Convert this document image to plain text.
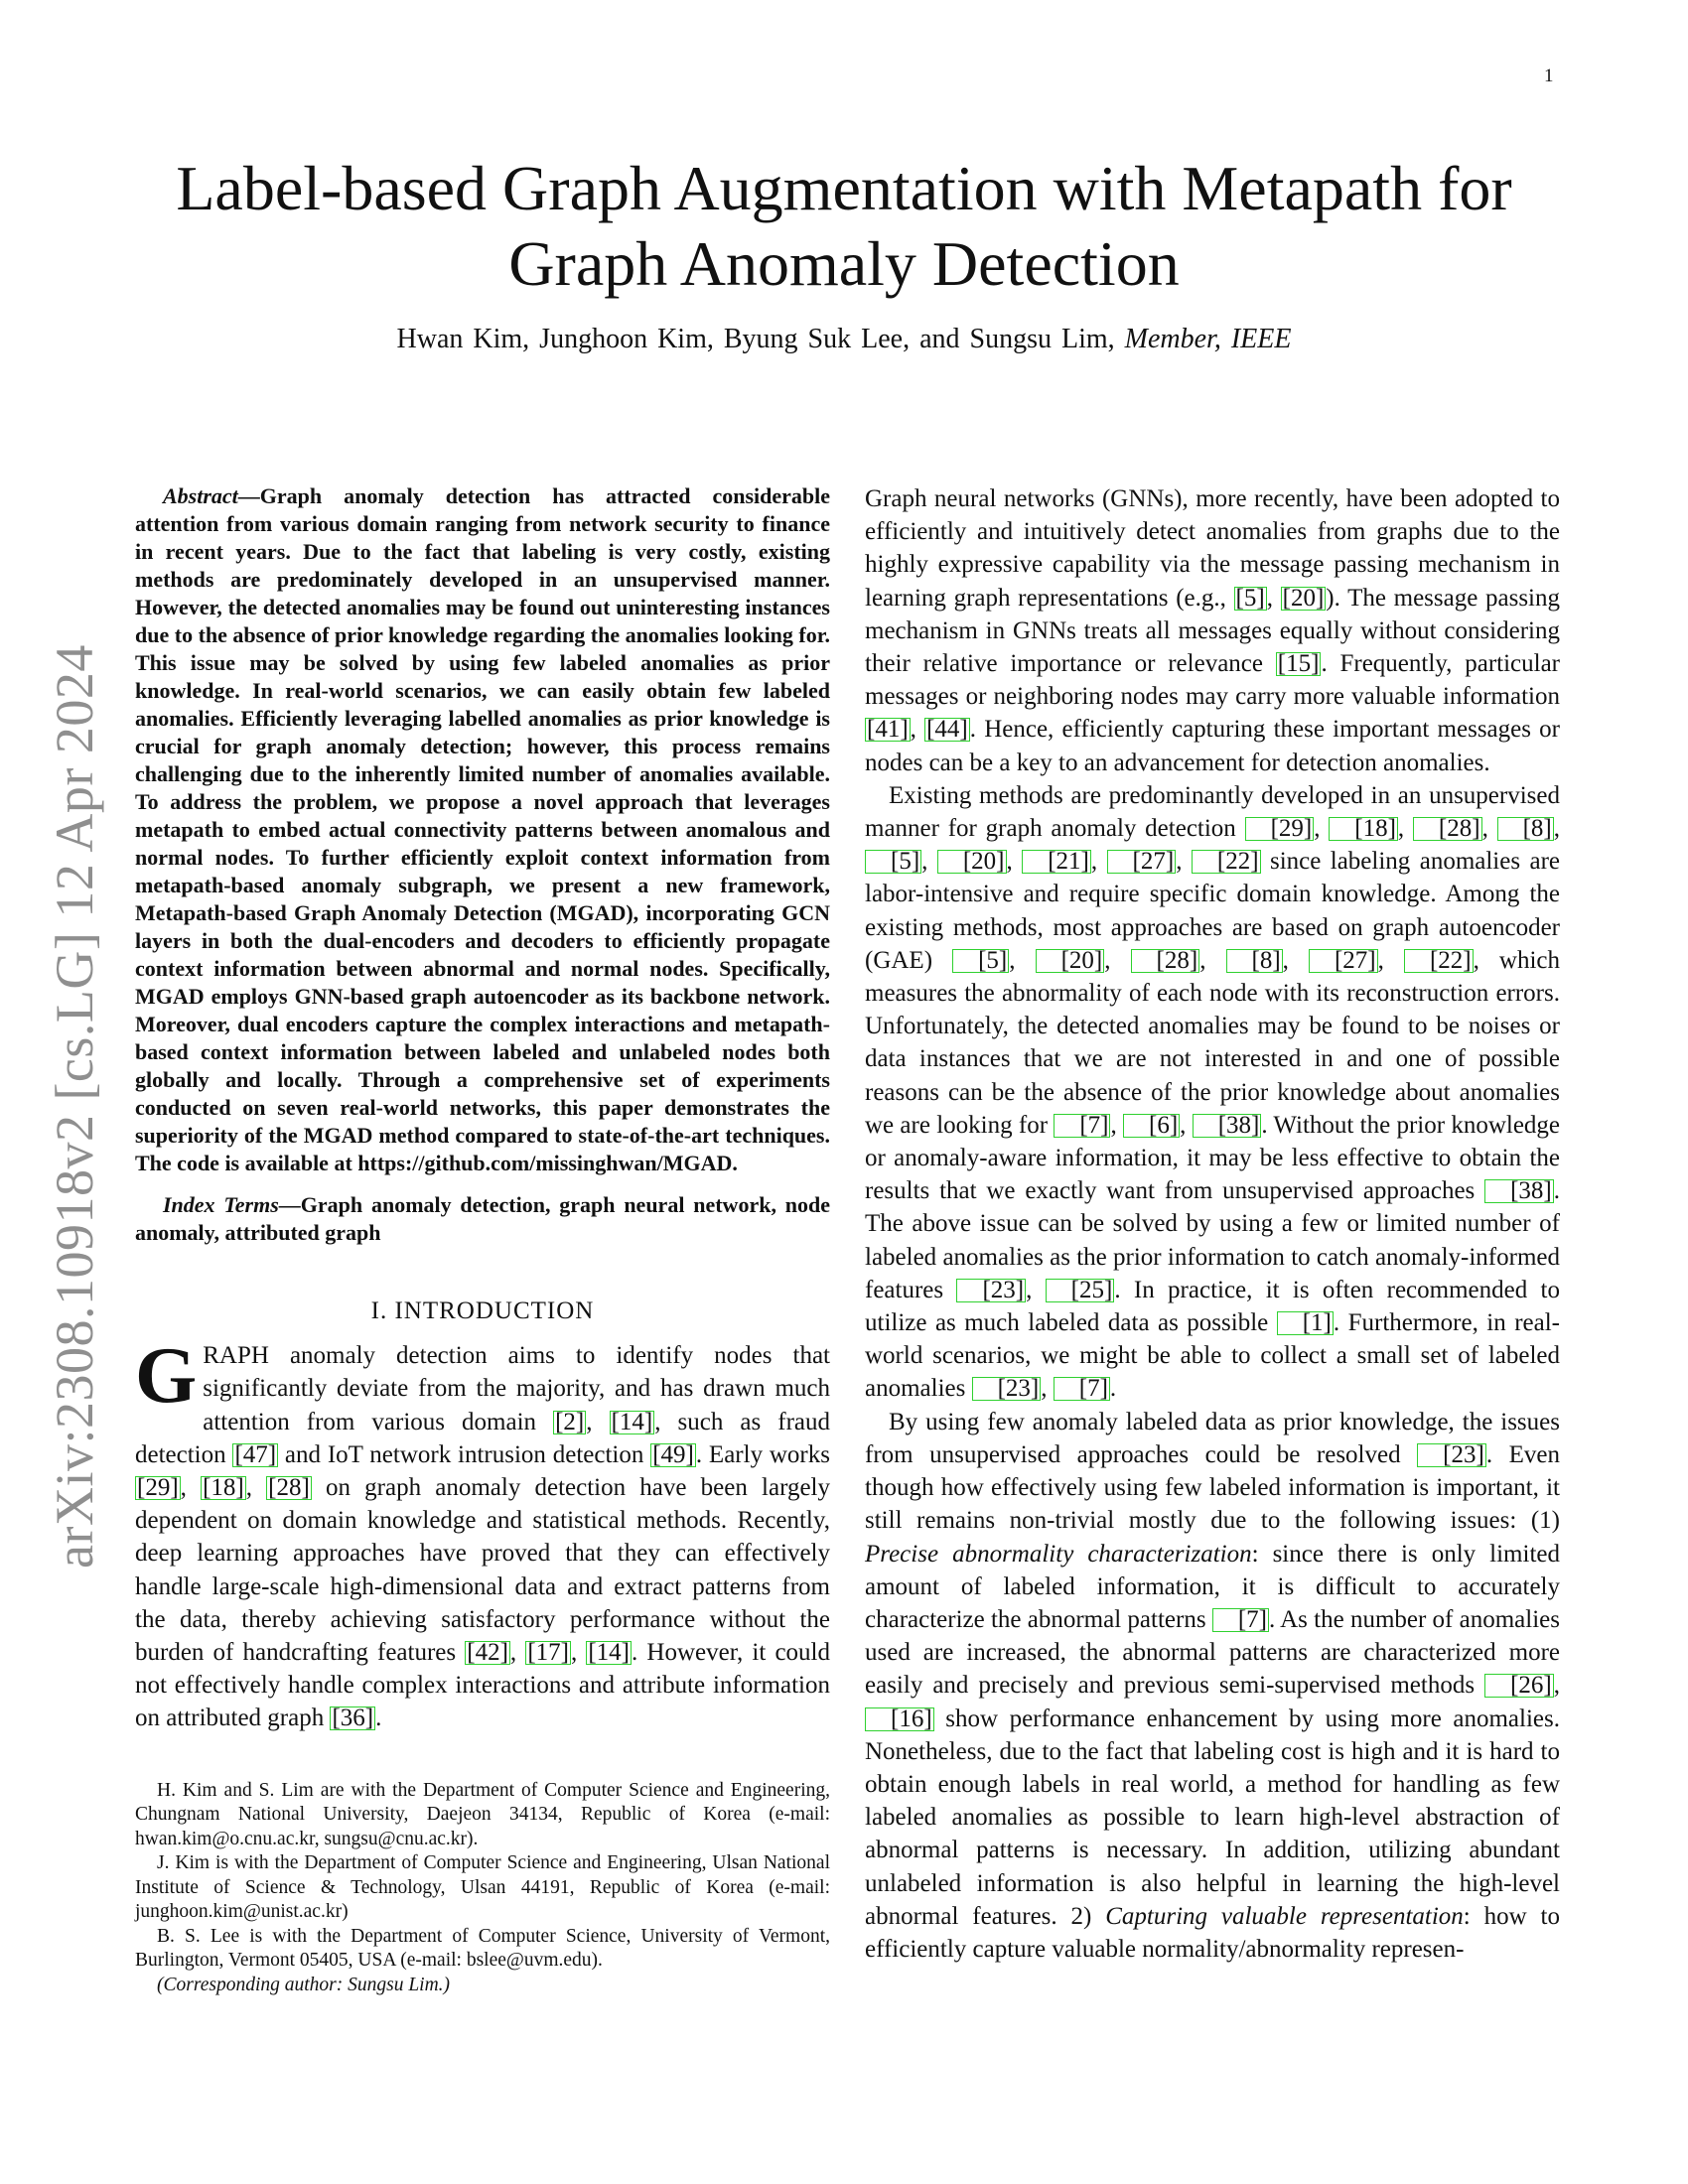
1
arXiv:2308.10918v2 [cs.LG] 12 Apr 2024
Label-based Graph Augmentation with Metapath for Graph Anomaly Detection
Hwan Kim, Junghoon Kim, Byung Suk Lee, and Sungsu Lim, Member, IEEE

Abstract—Graph anomaly detection has attracted considerable attention from various domain ranging from network security to finance in recent years. Due to the fact that labeling is very costly, existing methods are predominately developed in an unsupervised manner. However, the detected anomalies may be found out uninteresting instances due to the absence of prior knowledge regarding the anomalies looking for. This issue may be solved by using few labeled anomalies as prior knowledge. In real-world scenarios, we can easily obtain few labeled anomalies. Efficiently leveraging labelled anomalies as prior knowledge is crucial for graph anomaly detection; however, this process remains challenging due to the inherently limited number of anomalies available. To address the problem, we propose a novel approach that leverages metapath to embed actual connectivity patterns between anomalous and normal nodes. To further efficiently exploit context information from metapath-based anomaly subgraph, we present a new framework, Metapath-based Graph Anomaly Detection (MGAD), incorporating GCN layers in both the dual-encoders and decoders to efficiently propagate context information between abnormal and normal nodes. Specifically, MGAD employs GNN-based graph autoencoder as its backbone network. Moreover, dual encoders capture the complex interactions and metapath-based context information between labeled and unlabeled nodes both globally and locally. Through a comprehensive set of experiments conducted on seven real-world networks, this paper demonstrates the superiority of the MGAD method compared to state-of-the-art techniques. The code is available at https://github.com/missinghwan/MGAD.

Index Terms—Graph anomaly detection, graph neural network, node anomaly, attributed graph

I. INTRODUCTION

GRAPH anomaly detection aims to identify nodes that significantly deviate from the majority, and has drawn much attention from various domain [2], [14], such as fraud detection [47] and IoT network intrusion detection [49]. Early works [29], [18], [28] on graph anomaly detection have been largely dependent on domain knowledge and statistical methods. Recently, deep learning approaches have proved that they can effectively handle large-scale high-dimensional data and extract patterns from the data, thereby achieving satisfactory performance without the burden of handcrafting features [42], [17], [14]. However, it could not effectively handle complex interactions and attribute information on attributed graph [36].

H. Kim and S. Lim are with the Department of Computer Science and Engineering, Chungnam National University, Daejeon 34134, Republic of Korea (e-mail: hwan.kim@o.cnu.ac.kr, sungsu@cnu.ac.kr).

J. Kim is with the Department of Computer Science and Engineering, Ulsan National Institute of Science & Technology, Ulsan 44191, Republic of Korea (e-mail: junghoon.kim@unist.ac.kr)

B. S. Lee is with the Department of Computer Science, University of Vermont, Burlington, Vermont 05405, USA (e-mail: bslee@uvm.edu).

(Corresponding author: Sungsu Lim.)

Graph neural networks (GNNs), more recently, have been adopted to efficiently and intuitively detect anomalies from graphs due to the highly expressive capability via the message passing mechanism in learning graph representations (e.g., [5], [20]). The message passing mechanism in GNNs treats all messages equally without considering their relative importance or relevance [15]. Frequently, particular messages or neighboring nodes may carry more valuable information [41], [44]. Hence, efficiently capturing these important messages or nodes can be a key to an advancement for detection anomalies.

Existing methods are predominantly developed in an unsupervised manner for graph anomaly detection [29], [18], [28], [8], [5], [20], [21], [27], [22] since labeling anomalies are labor-intensive and require specific domain knowledge. Among the existing methods, most approaches are based on graph autoencoder (GAE) [5], [20], [28], [8], [27], [22], which measures the abnormality of each node with its reconstruction errors. Unfortunately, the detected anomalies may be found to be noises or data instances that we are not interested in and one of possible reasons can be the absence of the prior knowledge about anomalies we are looking for [7], [6], [38]. Without the prior knowledge or anomaly-aware information, it may be less effective to obtain the results that we exactly want from unsupervised approaches [38]. The above issue can be solved by using a few or limited number of labeled anomalies as the prior information to catch anomaly-informed features [23], [25]. In practice, it is often recommended to utilize as much labeled data as possible [1]. Furthermore, in real-world scenarios, we might be able to collect a small set of labeled anomalies [23], [7].

By using few anomaly labeled data as prior knowledge, the issues from unsupervised approaches could be resolved [23]. Even though how effectively using few labeled information is important, it still remains non-trivial mostly due to the following issues: (1) Precise abnormality characterization: since there is only limited amount of labeled information, it is difficult to accurately characterize the abnormal patterns [7]. As the number of anomalies used are increased, the abnormal patterns are characterized more easily and precisely and previous semi-supervised methods [26], [16] show performance enhancement by using more anomalies. Nonetheless, due to the fact that labeling cost is high and it is hard to obtain enough labels in real world, a method for handling as few labeled anomalies as possible to learn high-level abstraction of abnormal patterns is necessary. In addition, utilizing abundant unlabeled information is also helpful in learning the high-level abnormal features. 2) Capturing valuable representation: how to efficiently capture valuable normality/abnormality represen-
